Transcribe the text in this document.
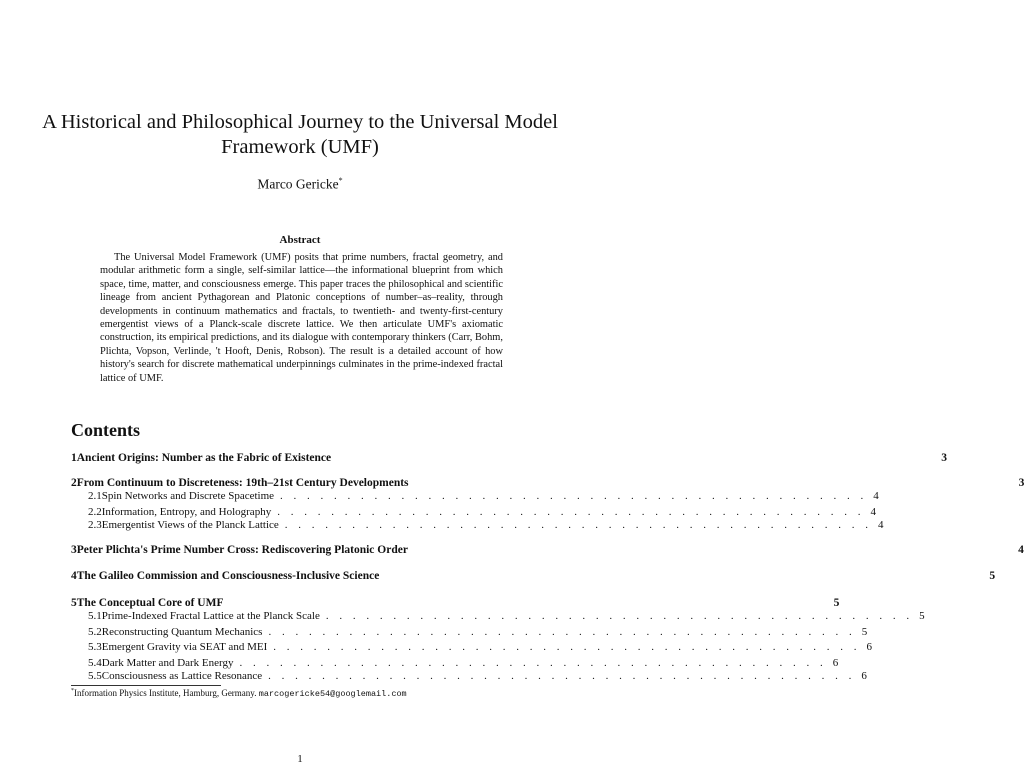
A Historical and Philosophical Journey to the Universal Model Framework (UMF)
Marco Gericke*
Abstract
The Universal Model Framework (UMF) posits that prime numbers, fractal geometry, and modular arithmetic form a single, self-similar lattice—the informational blueprint from which space, time, matter, and consciousness emerge. This paper traces the philosophical and scientific lineage from ancient Pythagorean and Platonic conceptions of number–as–reality, through developments in continuum mathematics and fractals, to twentieth- and twenty-first-century emergentist views of a Planck-scale discrete lattice. We then articulate UMF's axiomatic construction, its empirical predictions, and its dialogue with contemporary thinkers (Carr, Bohm, Plichta, Vopson, Verlinde, 't Hooft, Denis, Robson). The result is a detailed account of how history's search for discrete mathematical underpinnings culminates in the prime-indexed fractal lattice of UMF.
Contents
1 Ancient Origins: Number as the Fabric of Existence	3
2 From Continuum to Discreteness: 19th–21st Century Developments	3
2.1 Spin Networks and Discrete Spacetime . . . . . . . . . . . . . . . . . . . . . . . . . . . . . . . . . . . . . . . . . . . . 4
2.2 Information, Entropy, and Holography . . . . . . . . . . . . . . . . . . . . . . . . . . . . . . . . . . . . . . . . . . . . 4
2.3 Emergentist Views of the Planck Lattice . . . . . . . . . . . . . . . . . . . . . . . . . . . . . . . . . . . . . . . . . . . . 4
3 Peter Plichta's Prime Number Cross: Rediscovering Platonic Order	4
4 The Galileo Commission and Consciousness-Inclusive Science	5
5 The Conceptual Core of UMF	5
5.1 Prime-Indexed Fractal Lattice at the Planck Scale . . . . . . . . . . . . . . . . . . . . . . . . . . . . . . . . . . . . . . . . . . . . 5
5.2 Reconstructing Quantum Mechanics . . . . . . . . . . . . . . . . . . . . . . . . . . . . . . . . . . . . . . . . . . . . 5
5.3 Emergent Gravity via SEAT and MEI . . . . . . . . . . . . . . . . . . . . . . . . . . . . . . . . . . . . . . . . . . . . 6
5.4 Dark Matter and Dark Energy . . . . . . . . . . . . . . . . . . . . . . . . . . . . . . . . . . . . . . . . . . . . 6
5.5 Consciousness as Lattice Resonance . . . . . . . . . . . . . . . . . . . . . . . . . . . . . . . . . . . . . . . . . . . . 6
*Information Physics Institute, Hamburg, Germany. marcogericke54@googlemail.com
1
